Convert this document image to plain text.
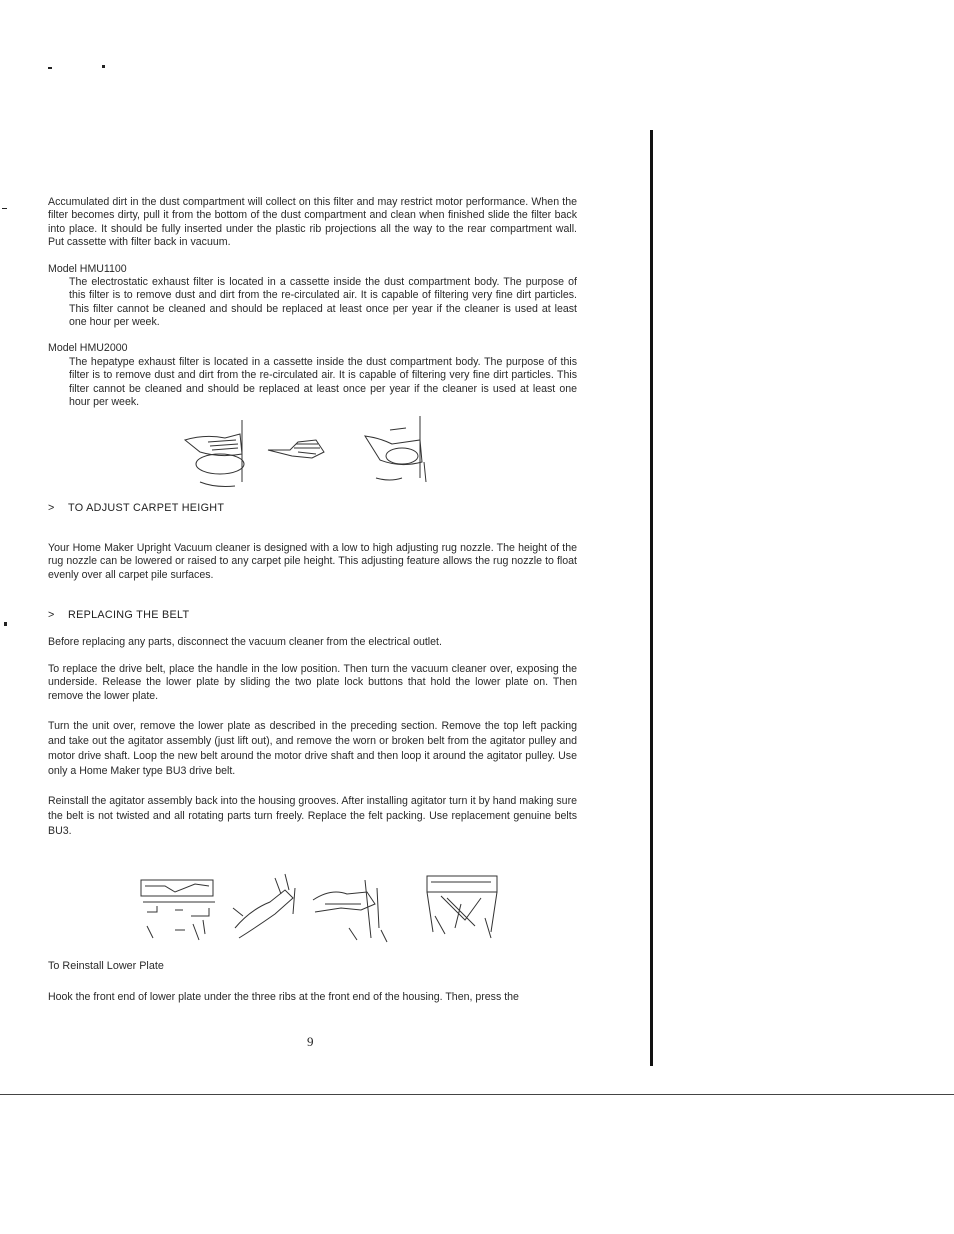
Accumulated dirt in the dust compartment will collect on this filter and may restrict motor performance. When the filter becomes dirty, pull it from the bottom of the dust compartment and clean when finished slide the filter back into place. It should be fully inserted under the plastic rib projections all the way to the rear compartment wall. Put cassette with filter back in vacuum.
Model HMU1100
The electrostatic exhaust filter is located in a cassette inside the dust compartment body. The purpose of this filter is to remove dust and dirt from the re-circulated air. It is capable of filtering very fine dirt particles. This filter cannot be cleaned and should be replaced at least once per year if the cleaner is used at least one hour per week.
Model HMU2000
The hepatype exhaust filter is located in a cassette inside the dust compartment body. The purpose of this filter is to remove dust and dirt from the re-circulated air. It is capable of filtering very fine dirt particles. This filter cannot be cleaned and should be replaced at least once per year if the cleaner is used at least one hour per week.
> TO ADJUST CARPET HEIGHT
Your Home Maker Upright Vacuum cleaner is designed with a low to high adjusting rug nozzle. The height of the rug nozzle can be lowered or raised to any carpet pile height. This adjusting feature allows the rug nozzle to float evenly over all carpet pile surfaces.
> REPLACING THE BELT
Before replacing any parts, disconnect the vacuum cleaner from the electrical outlet.
To replace the drive belt, place the handle in the low position. Then turn the vacuum cleaner over, exposing the underside. Release the lower plate by sliding the two plate lock buttons that hold the lower plate on. Then remove the lower plate.
Turn the unit over, remove the lower plate as described in the preceding section. Remove the top left packing and take out the agitator assembly (just lift out), and remove the worn or broken belt from the agitator pulley and motor drive shaft. Loop the new belt around the motor drive shaft and then loop it around the agitator pulley. Use only a Home Maker type BU3 drive belt.
Reinstall the agitator assembly back into the housing grooves. After installing agitator turn it by hand making sure the belt is not twisted and all rotating parts turn freely. Replace the felt packing. Use replacement genuine belts BU3.
To Reinstall Lower Plate
Hook the front end of lower plate under the three ribs at the front end of the housing. Then, press the
9
